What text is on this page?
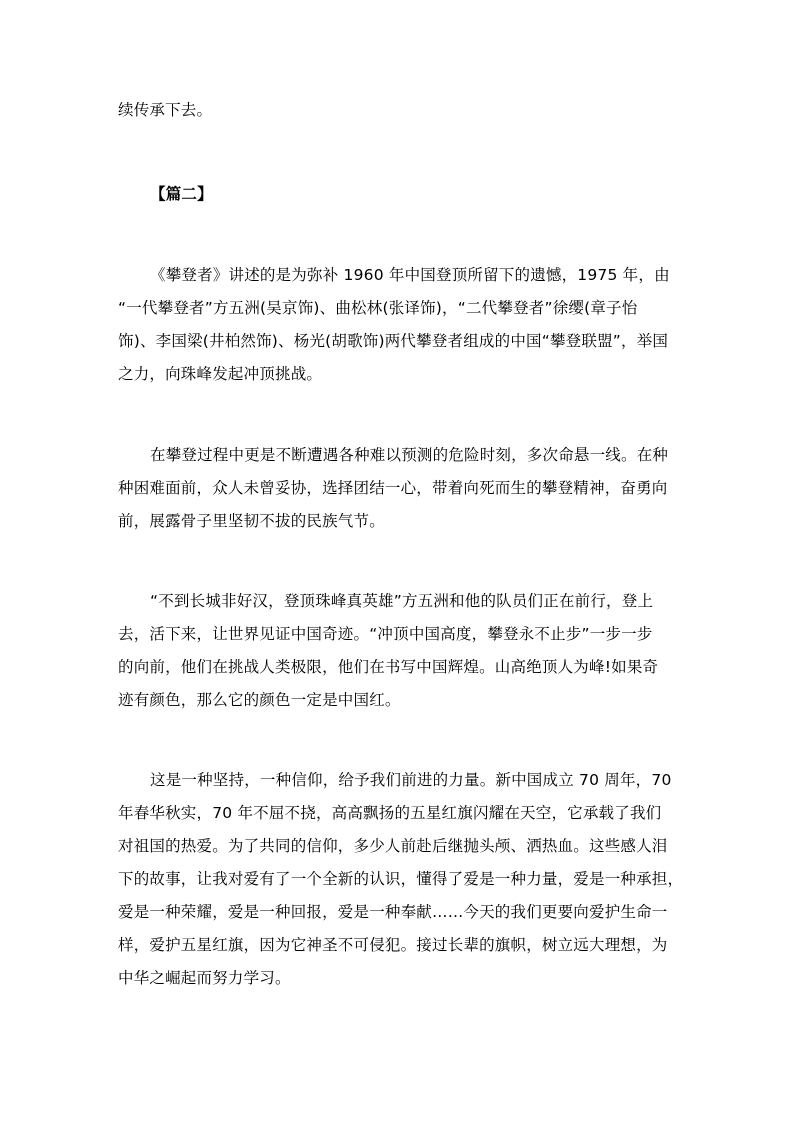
续传承下去。
【篇二】
《攀登者》讲述的是为弥补 1960 年中国登顶所留下的遗憾，1975 年，由
“一代攀登者”方五洲(吴京饰)、曲松林(张译饰)，“二代攀登者”徐缨(章子怡
饰)、李国梁(井柏然饰)、杨光(胡歌饰)两代攀登者组成的中国“攀登联盟”，举国
之力，向珠峰发起冲顶挑战。
在攀登过程中更是不断遭遇各种难以预测的危险时刻，多次命悬一线。在种
种困难面前，众人未曾妥协，选择团结一心，带着向死而生的攀登精神，奋勇向
前，展露骨子里坚韧不拔的民族气节。
“不到长城非好汉，登顶珠峰真英雄”方五洲和他的队员们正在前行，登上
去，活下来，让世界见证中国奇迹。“冲顶中国高度，攀登永不止步”一步一步
的向前，他们在挑战人类极限，他们在书写中国辉煌。山高绝顶人为峰!如果奇
迹有颜色，那么它的颜色一定是中国红。
这是一种坚持，一种信仰，给予我们前进的力量。新中国成立 70 周年，70
年春华秋实，70 年不屈不挠，高高飘扬的五星红旗闪耀在天空，它承载了我们
对祖国的热爱。为了共同的信仰，多少人前赴后继抛头颅、洒热血。这些感人泪
下的故事，让我对爱有了一个全新的认识，懂得了爱是一种力量，爱是一种承担，
爱是一种荣耀，爱是一种回报，爱是一种奉献……今天的我们更要向爱护生命一
样，爱护五星红旗，因为它神圣不可侵犯。接过长辈的旗帜，树立远大理想，为
中华之崛起而努力学习。
